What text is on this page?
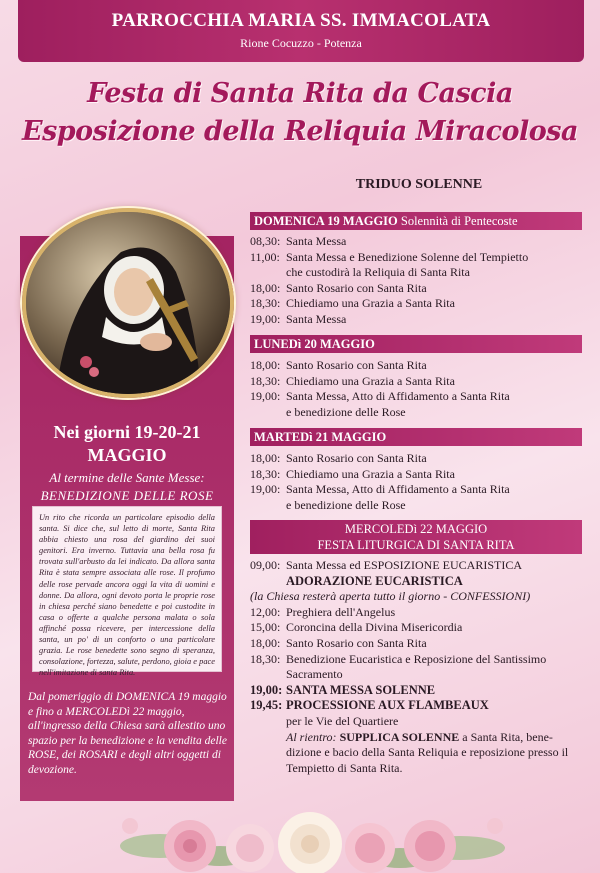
PARROCCHIA MARIA SS. IMMACOLATA
Rione Cocuzzo - Potenza
Festa di Santa Rita da Cascia
Esposizione della Reliquia Miracolosa
Nei giorni 19-20-21
MAGGIO
Al termine delle Sante Messe:
BENEDIZIONE DELLE ROSE
Un rito che ricorda un particolare episodio della santa. Si dice che, sul letto di morte, Santa Rita abbia chiesto una rosa del giardino dei suoi genitori. Era inverno. Tuttavia una bella rosa fu trovata sull'arbusto da lei indicato. Da allora santa Rita è stata sempre associata alle rose. Il profumo delle rose pervade ancora oggi la vita di uomini e donne. Da allora, ogni devoto porta le proprie rose in chiesa perché siano benedette e poi custodite in casa o offerte a qualche persona malata o sola affinché possa ricevere, per intercessione della santa, un po' di un conforto o una particolare grazia. Le rose benedette sono segno di speranza, consolazione, fortezza, salute, perdono, gioia e pace nell'imitazione di santa Rita.
Dal pomeriggio di DOMENICA 19 maggio e fino a MERCOLEDì 22 maggio, all'ingresso della Chiesa sarà allestito uno spazio per la benedizione e la vendita delle ROSE, dei ROSARI e degli altri oggetti di devozione.
TRIDUO SOLENNE
DOMENICA 19 MAGGIO Solennità di Pentecoste
08,30: Santa Messa
11,00: Santa Messa e Benedizione Solenne del Tempietto
che custodirà la Reliquia di Santa Rita
18,00: Santo Rosario con Santa Rita
18,30: Chiediamo una Grazia a Santa Rita
19,00: Santa Messa
LUNEDì 20 MAGGIO
18,00: Santo Rosario con Santa Rita
18,30: Chiediamo una Grazia a Santa Rita
19,00: Santa Messa, Atto di Affidamento a Santa Rita
e benedizione delle Rose
MARTEDì 21 MAGGIO
18,00: Santo Rosario con Santa Rita
18,30: Chiediamo una Grazia a Santa Rita
19,00: Santa Messa, Atto di Affidamento a Santa Rita
e benedizione delle Rose
MERCOLEDì 22 MAGGIO
FESTA LITURGICA DI SANTA RITA
09,00: Santa Messa ed ESPOSIZIONE EUCARISTICA
ADORAZIONE EUCARISTICA
(la Chiesa resterà aperta tutto il giorno - CONFESSIONI)
12,00: Preghiera dell'Angelus
15,00: Coroncina della Divina Misericordia
18,00: Santo Rosario con Santa Rita
18,30: Benedizione Eucaristica e Reposizione del Santissimo
Sacramento
19,00: SANTA MESSA SOLENNE
19,45: PROCESSIONE AUX FLAMBEAUX
per le Vie del Quartiere
Al rientro: SUPPLICA SOLENNE a Santa Rita, bene-
dizione e bacio della Santa Reliquia e reposizione presso il
Tempietto di Santa Rita.
